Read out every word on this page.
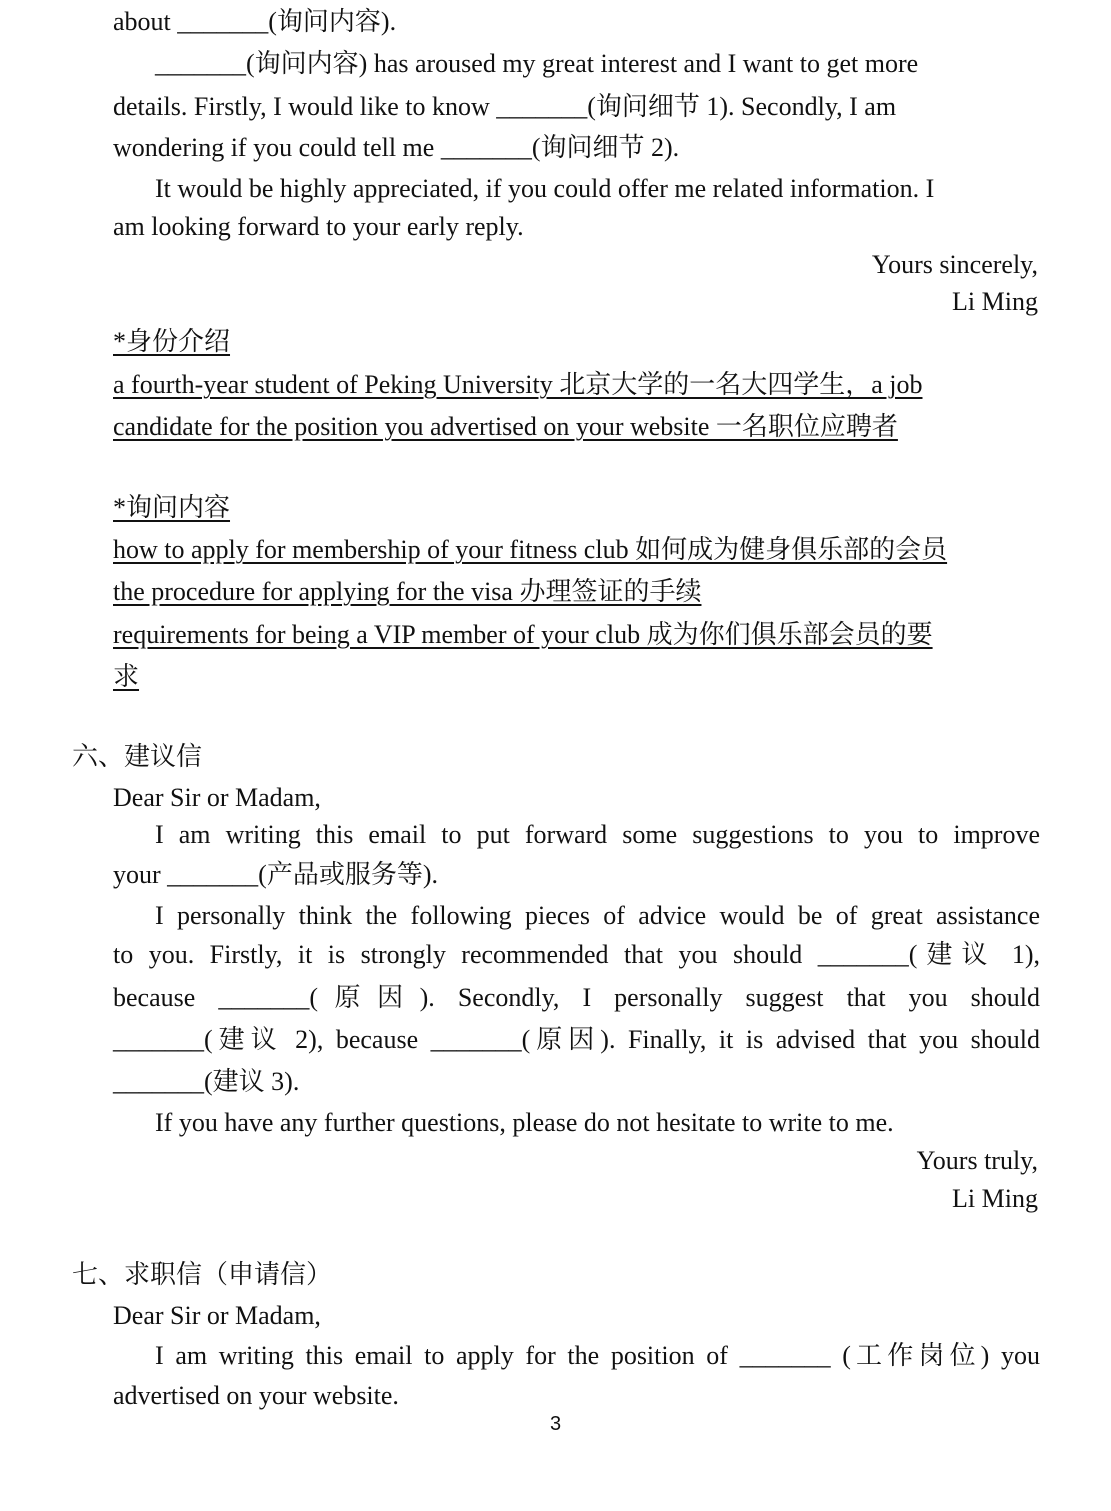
about _______(询问内容).
_______(询问内容) has aroused my great interest and I want to get more
details. Firstly, I would like to know _______(询问细节 1). Secondly, I am
wondering if you could tell me _______(询问细节 2).
It would be highly appreciated, if you could offer me related information. I
am looking forward to your early reply.
Yours sincerely,
Li Ming
*身份介绍
a fourth-year student of Peking University 北京大学的一名大四学生，a job
candidate for the position you advertised on your website 一名职位应聘者
*询问内容
how to apply for membership of your fitness club 如何成为健身俱乐部的会员
the procedure for applying for the visa 办理签证的手续
requirements for being a VIP member of your club 成为你们俱乐部会员的要
求
六、建议信
Dear Sir or Madam,
I am writing this email to put forward some suggestions to you to improve
your _______(产品或服务等).
I personally think the following pieces of advice would be of great assistance
to you. Firstly, it is strongly recommended that you should _______(建议 1),
because _______(原因). Secondly, I personally suggest that you should
_______(建议 2), because _______(原因). Finally, it is advised that you should
_______(建议 3).
If you have any further questions, please do not hesitate to write to me.
Yours truly,
Li Ming
七、求职信（申请信）
Dear Sir or Madam,
I am writing this email to apply for the position of _______ (工作岗位) you
advertised on your website.
3
